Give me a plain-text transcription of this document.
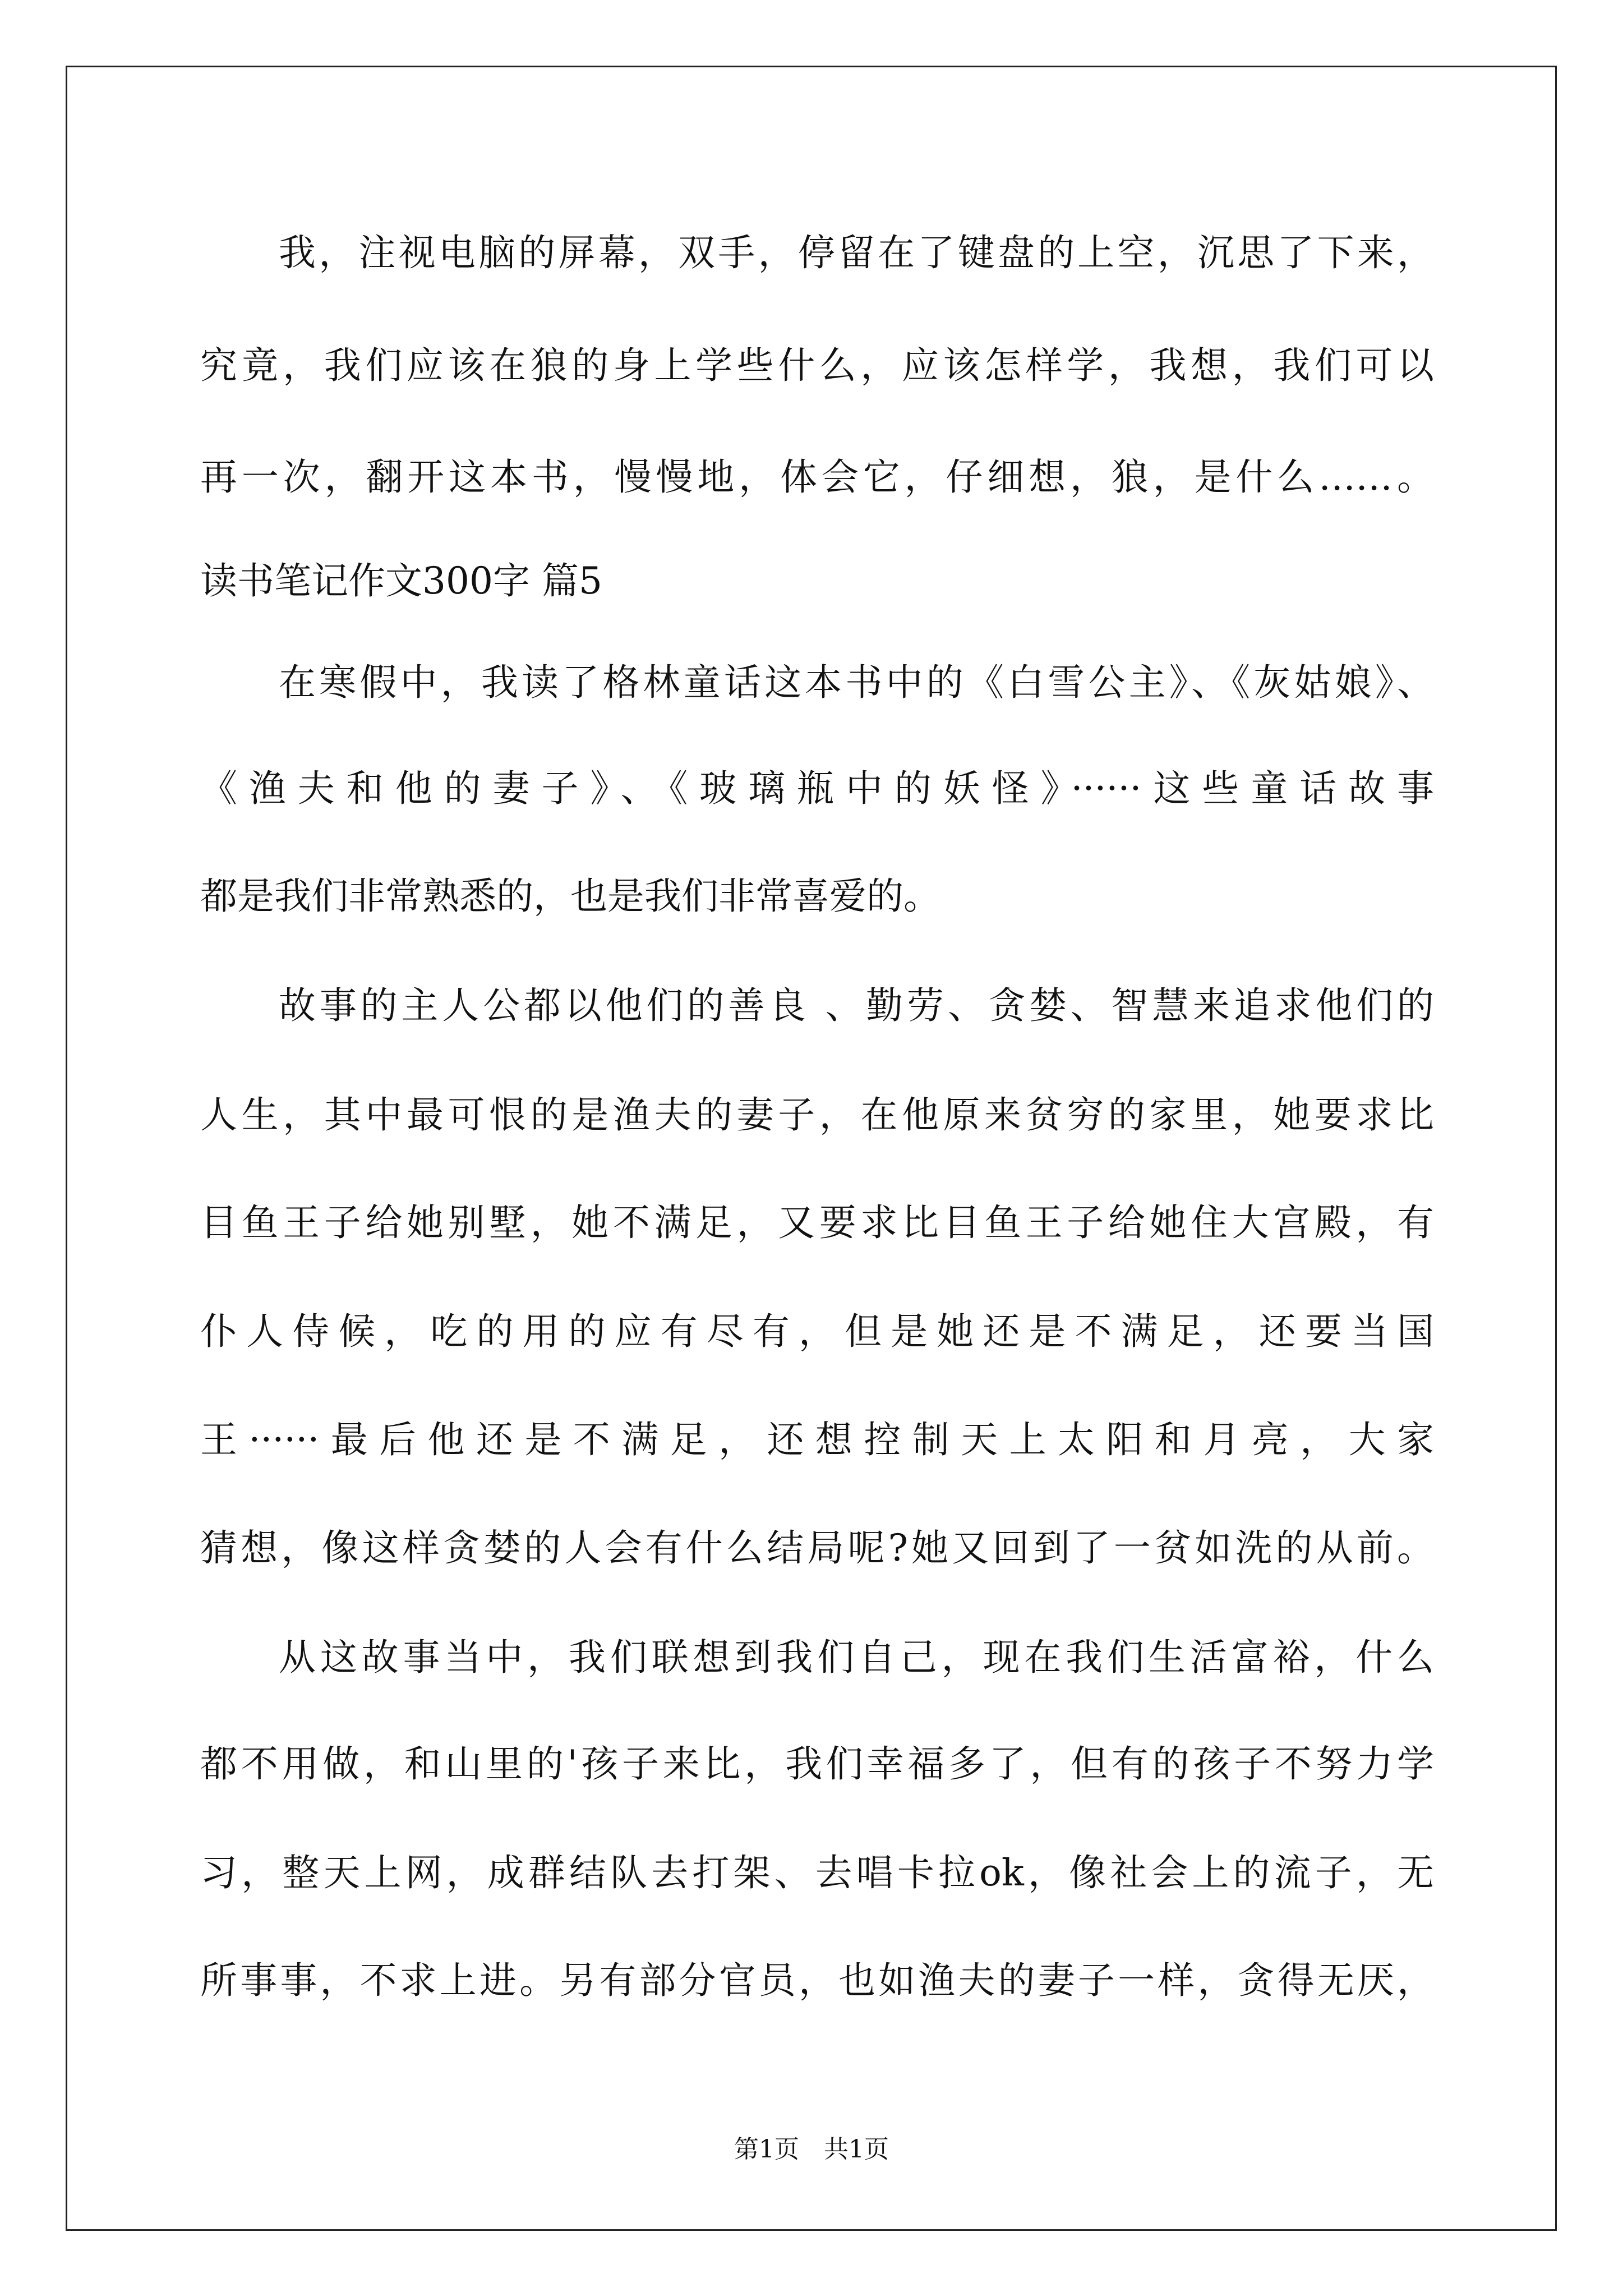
我，注视电脑的屏幕，双手，停留在了键盘的上空，沉思了下来，
究竟，我们应该在狼的身上学些什么，应该怎样学，我想，我们可以
再一次，翻开这本书，慢慢地，体会它，仔细想，狼，是什么……。
读书笔记作文300字 篇5
在寒假中，我读了格林童话这本书中的《白雪公主》、《灰姑娘》、
《渔夫和他的妻子》、《玻璃瓶中的妖怪》······这些童话故事
都是我们非常熟悉的，也是我们非常喜爱的。
故事的主人公都以他们的善良 、勤劳、贪婪、智慧来追求他们的
人生，其中最可恨的是渔夫的妻子，在他原来贫穷的家里，她要求比
目鱼王子给她别墅，她不满足，又要求比目鱼王子给她住大宫殿，有
仆人侍候，吃的用的应有尽有，但是她还是不满足，还要当国
王······最后他还是不满足，还想控制天上太阳和月亮，大家
猜想，像这样贪婪的人会有什么结局呢?她又回到了一贫如洗的从前。
从这故事当中，我们联想到我们自己，现在我们生活富裕，什么
都不用做，和山里的'孩子来比，我们幸福多了，但有的孩子不努力学
习，整天上网，成群结队去打架、去唱卡拉ok，像社会上的流子，无
所事事，不求上进。另有部分官员，也如渔夫的妻子一样，贪得无厌，
第1页　共1页
